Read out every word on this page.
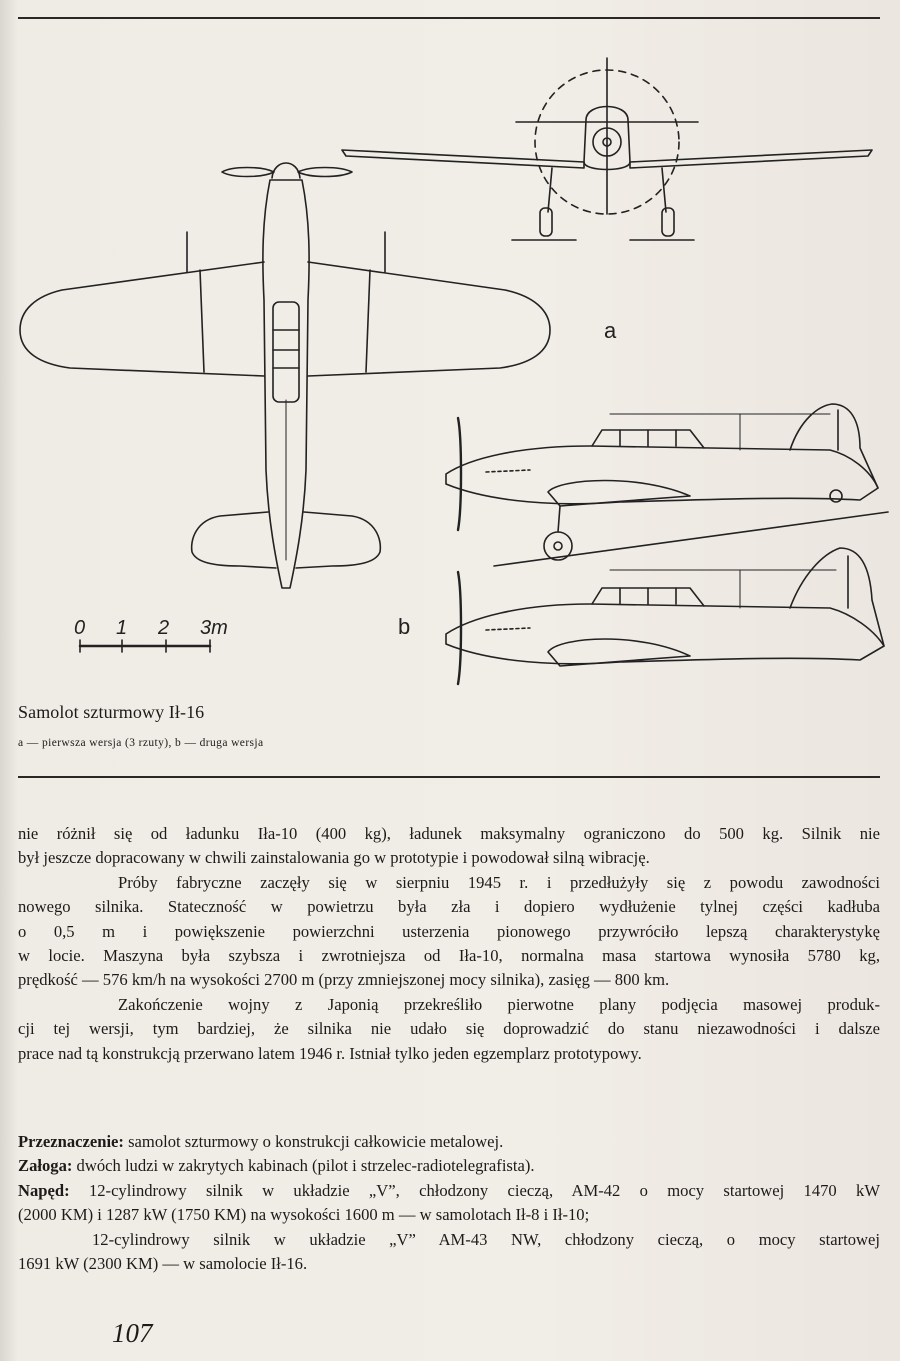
0 1 2 3m
a
b
Samolot szturmowy Ił-16
a — pierwsza wersja (3 rzuty), b — druga wersja

nie różnił się od ładunku Iła-10 (400 kg), ładunek maksymalny ograniczono do 500 kg. Silnik nie

był jeszcze dopracowany w chwili zainstalowania go w prototypie i powodował silną wibrację.

Próby fabryczne zaczęły się w sierpniu 1945 r. i przedłużyły się z powodu zawodności

nowego silnika. Stateczność w powietrzu była zła i dopiero wydłużenie tylnej części kadłuba

o 0,5 m i powiększenie powierzchni usterzenia pionowego przywróciło lepszą charakterystykę

w locie. Maszyna była szybsza i zwrotniejsza od Iła-10, normalna masa startowa wynosiła 5780 kg,

prędkość — 576 km/h na wysokości 2700 m (przy zmniejszonej mocy silnika), zasięg — 800 km.

Zakończenie wojny z Japonią przekreśliło pierwotne plany podjęcia masowej produk-

cji tej wersji, tym bardziej, że silnika nie udało się doprowadzić do stanu niezawodności i dalsze

prace nad tą konstrukcją przerwano latem 1946 r. Istniał tylko jeden egzemplarz prototypowy.

Przeznaczenie: samolot szturmowy o konstrukcji całkowicie metalowej.

Załoga: dwóch ludzi w zakrytych kabinach (pilot i strzelec-radiotelegrafista).

Napęd: 12-cylindrowy silnik w układzie „V”, chłodzony cieczą, AM-42 o mocy startowej 1470 kW

(2000 KM) i 1287 kW (1750 KM) na wysokości 1600 m — w samolotach Ił-8 i Ił-10;

12-cylindrowy silnik w układzie „V” AM-43 NW, chłodzony cieczą, o mocy startowej

1691 kW (2300 KM) — w samolocie Ił-16.

107
